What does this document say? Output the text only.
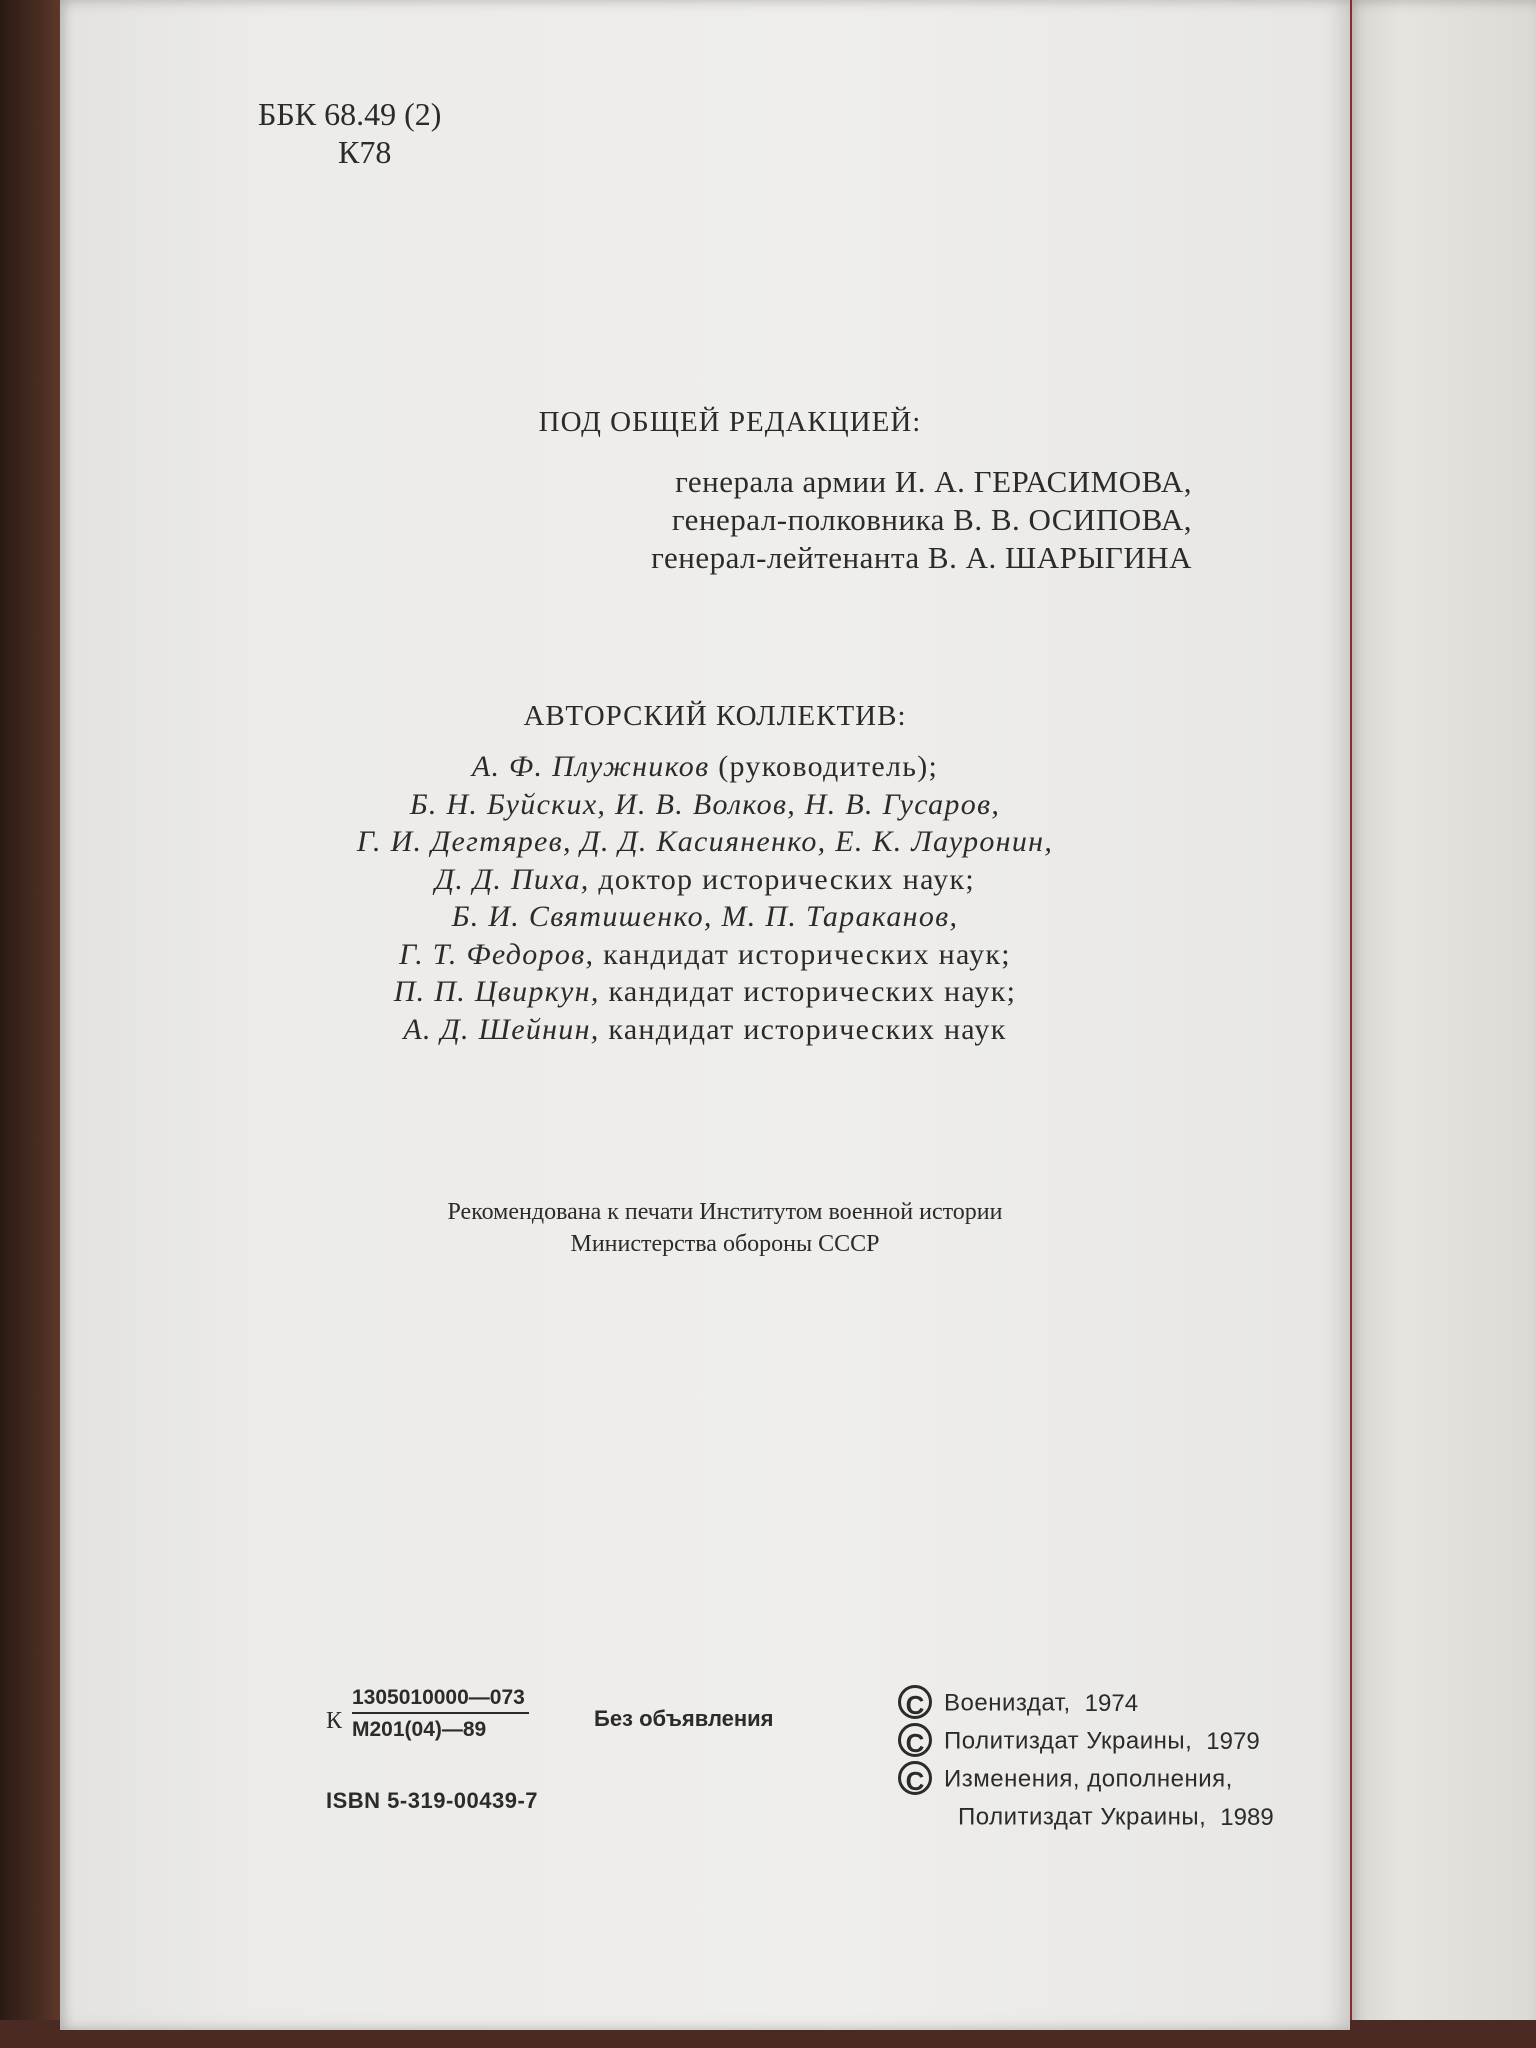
ББК 68.49 (2)
К78
ПОД ОБЩЕЙ РЕДАКЦИЕЙ:
генерала армии И. А. ГЕРАСИМОВА,
генерал-полковника В. В. ОСИПОВА,
генерал-лейтенанта В. А. ШАРЫГИНА
АВТОРСКИЙ КОЛЛЕКТИВ:
А. Ф. Плужников (руководитель);
Б. Н. Буйских, И. В. Волков, Н. В. Гусаров,
Г. И. Дегтярев, Д. Д. Касияненко, Е. К. Лауронин,
Д. Д. Пиха, доктор исторических наук;
Б. И. Святишенко, М. П. Тараканов,
Г. Т. Федоров, кандидат исторических наук;
П. П. Цвиркун, кандидат исторических наук;
А. Д. Шейнин, кандидат исторических наук
Рекомендована к печати Институтом военной истории
Министерства обороны СССР
К
1305010000—073
М201(04)—89	Без объявления
ISBN 5-319-00439-7
C Воениздат, 1974
C Политиздат Украины, 1979
C Изменения, дополнения,
Политиздат Украины, 1989
